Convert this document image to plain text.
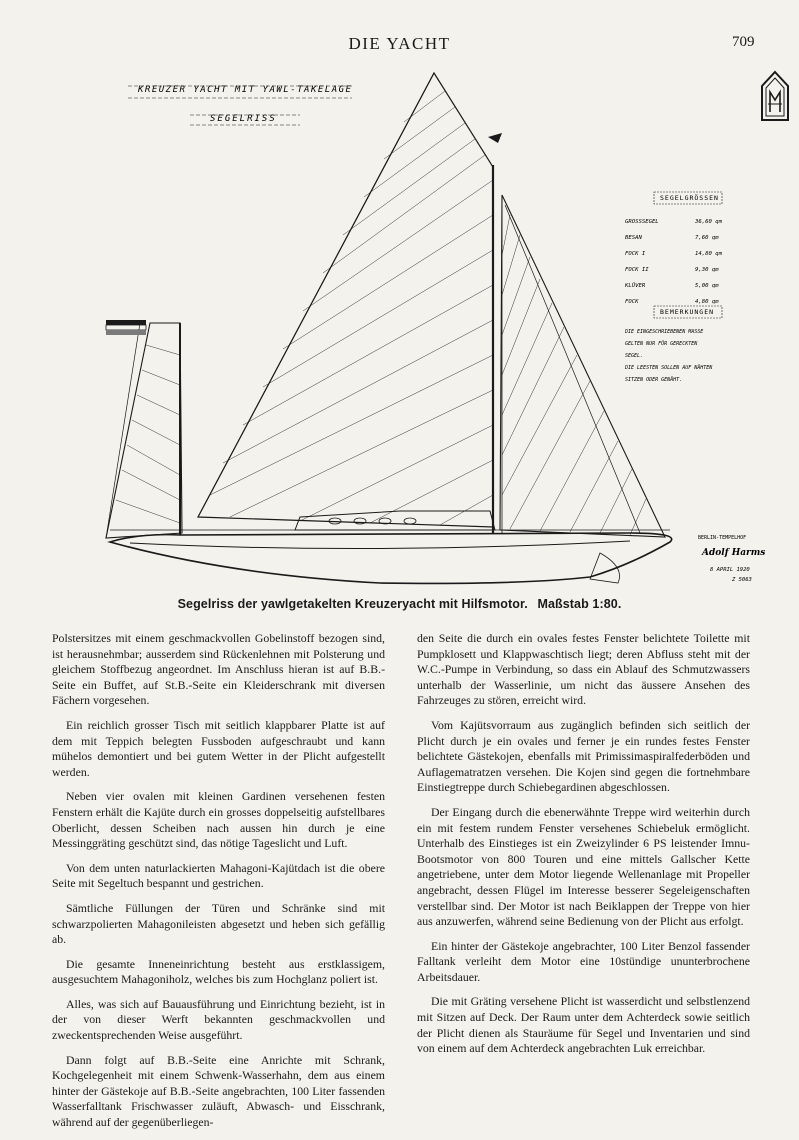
DIE YACHT	709
KREUZER YACHT MIT YAWL-TAKELAGE
SEGELRISS
SEGELGRÖSSEN
GROSSSEGEL	36,60 qm
BESAN	7,60 qm
FOCK I	14,80 qm
FOCK II	9,30 qm
KLÜVER	5,00 qm
FOCK	4,80 qm
BEMERKUNGEN
DIE EINGESCHRIEBENEN MASSE
GELTEN NUR FÜR GERECKTEN
SEGEL.
DIE LEESTEN SOLLEN AUF NÄHTEN
SITZEN ODER GENÄHT.
BERLIN-TEMPELHOF
Adolf Harms
8 APRIL 1920
Z 5063
Segelriss der yawlgetakelten Kreuzeryacht mit Hilfsmotor. Maßstab 1:80.

Polstersitzes mit einem geschmackvollen Gobelinstoff bezogen sind, ist herausnehmbar; ausserdem sind Rückenlehnen mit Polsterung und gleichem Stoffbezug angeordnet. Im Anschluss hieran ist auf B.B.-Seite ein Buffet, auf St.B.-Seite ein Kleiderschrank mit diversen Fächern vorgesehen.

Ein reichlich grosser Tisch mit seitlich klappbarer Platte ist auf dem mit Teppich belegten Fussboden aufgeschraubt und kann mühelos demontiert und bei gutem Wetter in der Plicht aufgestellt werden.

Neben vier ovalen mit kleinen Gardinen versehenen festen Fenstern erhält die Kajüte durch ein grosses doppelseitig aufstellbares Oberlicht, dessen Scheiben nach aussen hin durch je eine Messinggräting geschützt sind, das nötige Tageslicht und Luft.

Von dem unten naturlackierten Mahagoni-Kajütdach ist die obere Seite mit Segeltuch bespannt und gestrichen.

Sämtliche Füllungen der Türen und Schränke sind mit schwarzpolierten Mahagonileisten abgesetzt und heben sich gefällig ab.

Die gesamte Inneneinrichtung besteht aus erstklassigem, ausgesuchtem Mahagoniholz, welches bis zum Hochglanz poliert ist.

Alles, was sich auf Bauausführung und Einrichtung bezieht, ist in der von dieser Werft bekannten geschmackvollen und zweckentsprechenden Weise ausgeführt.

Dann folgt auf B.B.-Seite eine Anrichte mit Schrank, Kochgelegenheit mit einem Schwenk-Wasserhahn, dem aus einem hinter der Gästekoje auf B.B.-Seite angebrachten, 100 Liter fassenden Wasserfalltank Frischwasser zuläuft, Abwasch- und Eisschrank, während auf der gegenüberliegen-

den Seite die durch ein ovales festes Fenster belichtete Toilette mit Pumpklosett und Klappwaschtisch liegt; deren Abfluss steht mit der W.C.-Pumpe in Verbindung, so dass ein Ablauf des Schmutzwassers unterhalb der Wasserlinie, um nicht das äussere Ansehen des Fahrzeuges zu stören, erreicht wird.

Vom Kajütsvorraum aus zugänglich befinden sich seitlich der Plicht durch je ein ovales und ferner je ein rundes festes Fenster belichtete Gästekojen, ebenfalls mit Primissimaspiralfederböden und Auflagematratzen versehen. Die Kojen sind gegen die fortnehmbare Einstiegtreppe durch Schiebegardinen abgeschlossen.

Der Eingang durch die ebenerwähnte Treppe wird weiterhin durch ein mit festem rundem Fenster versehenes Schiebeluk ermöglicht. Unterhalb des Einstieges ist ein Zweizylinder 6 PS leistender Imnu-Bootsmotor von 800 Touren und eine mittels Gallscher Kette angetriebene, unter dem Motor liegende Wellenanlage mit Propeller angebracht, dessen Flügel im Interesse besserer Segeleigenschaften verstellbar sind. Der Motor ist nach Beiklappen der Treppe von hier aus anzuwerfen, während seine Bedienung von der Plicht aus erfolgt.

Ein hinter der Gästekoje angebrachter, 100 Liter Benzol fassender Falltank verleiht dem Motor eine 10stündige ununterbrochene Arbeitsdauer.

Die mit Gräting versehene Plicht ist wasserdicht und selbstlenzend mit Sitzen auf Deck. Der Raum unter dem Achterdeck sowie seitlich der Plicht dienen als Stauräume für Segel und Inventarien und sind von einem auf dem Achterdeck angebrachten Luk erreichbar.
